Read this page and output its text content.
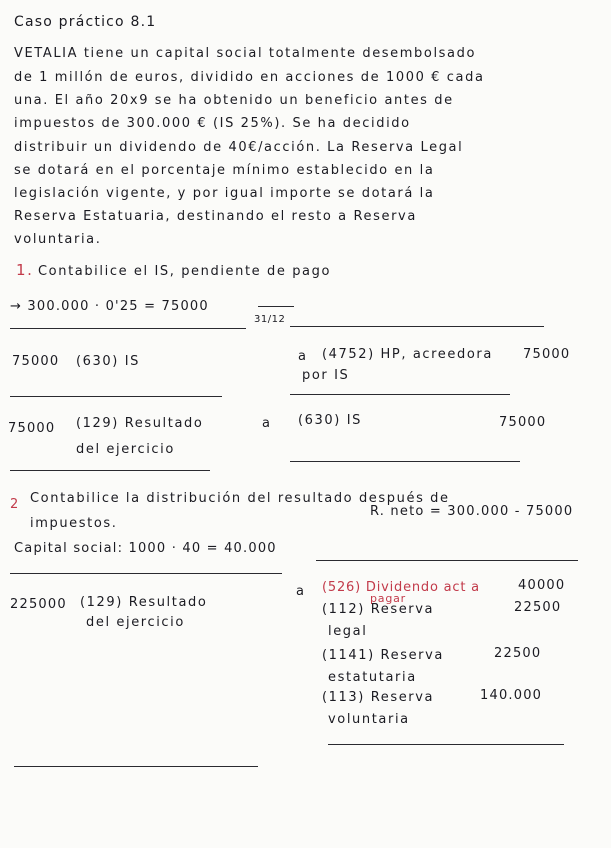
Caso práctico 8.1
VETALIA tiene un capital social totalmente desembolsado
de 1 millón de euros, dividido en acciones de 1000 € cada
una. El año 20x9 se ha obtenido un beneficio antes de
impuestos de 300.000 € (IS 25%). Se ha decidido
distribuir un dividendo de 40€/acción. La Reserva Legal
se dotará en el porcentaje mínimo establecido en la
legislación vigente, y por igual importe se dotará la
Reserva Estatuaria, destinando el resto a Reserva
voluntaria.
1. Contabilice el IS, pendiente de pago
→ 300.000 · 0'25 = 75000
31/12
75000 (630) IS	a (4752) HP, acreedora
por IS
75000
75000 (129) Resultado
del ejercicio
a (630) IS	75000
2 Contabilice la distribución del resultado después de
impuestos.
R. neto = 300.000 - 75000
Capital social: 1000 · 40 = 40.000
225000 (129) Resultado
del ejercicio
a (526) Dividendo act a
pagar
40000
(112) Reserva
legal
22500
(1141) Reserva
estatutaria
22500
(113) Reserva
voluntaria
140.000
